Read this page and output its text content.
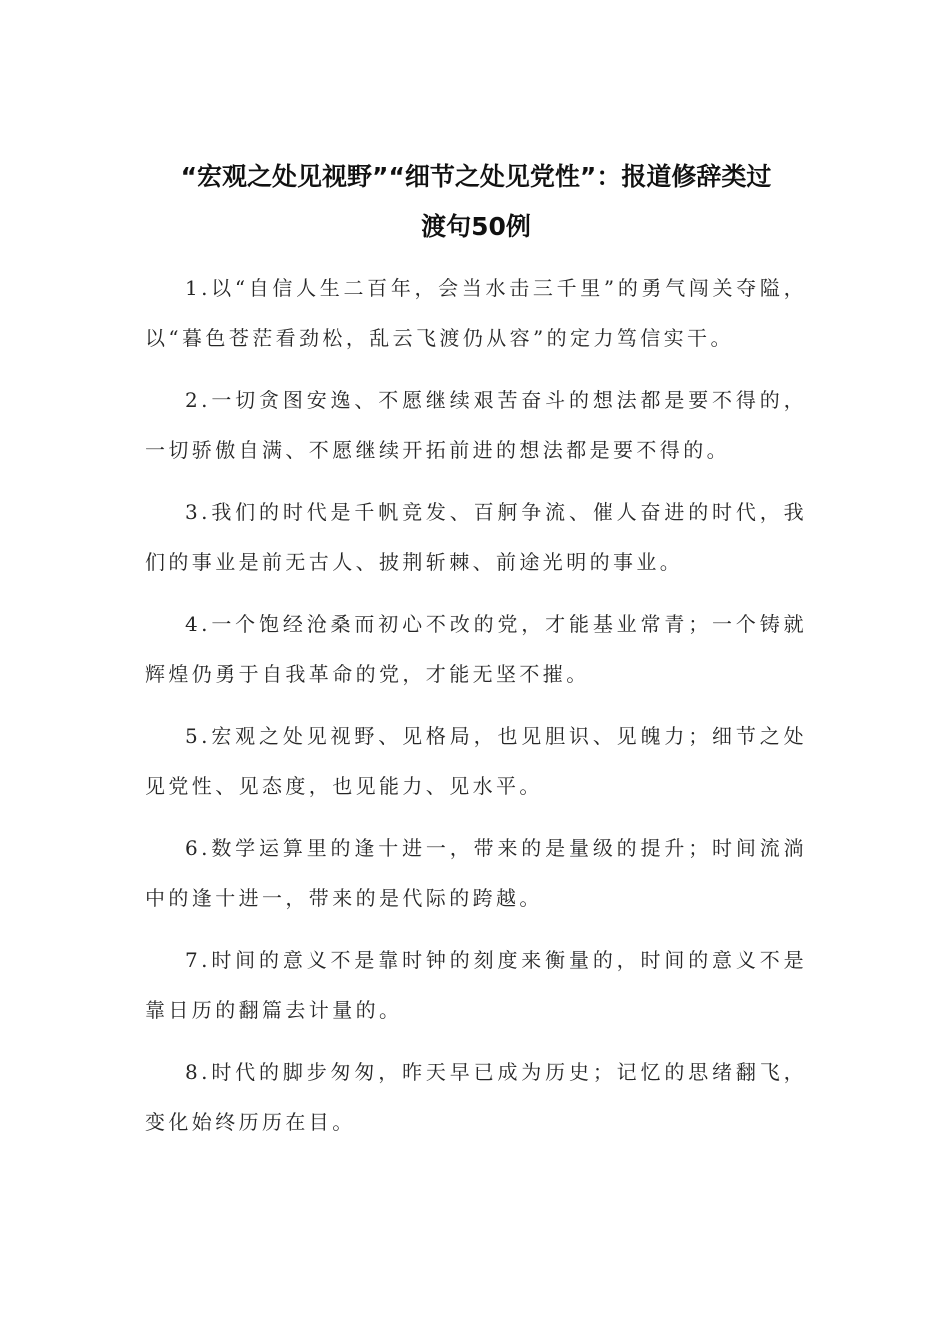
“宏观之处见视野”“细节之处见党性”：报道修辞类过
渡句50例
1.以“自信人生二百年，会当水击三千里”的勇气闯关夺隘，以“暮色苍茫看劲松，乱云飞渡仍从容”的定力笃信实干。
2.一切贪图安逸、不愿继续艰苦奋斗的想法都是要不得的，一切骄傲自满、不愿继续开拓前进的想法都是要不得的。
3.我们的时代是千帆竞发、百舸争流、催人奋进的时代，我们的事业是前无古人、披荆斩棘、前途光明的事业。
4.一个饱经沧桑而初心不改的党，才能基业常青；一个铸就辉煌仍勇于自我革命的党，才能无坚不摧。
5.宏观之处见视野、见格局，也见胆识、见魄力；细节之处见党性、见态度，也见能力、见水平。
6.数学运算里的逢十进一，带来的是量级的提升；时间流淌中的逢十进一，带来的是代际的跨越。
7.时间的意义不是靠时钟的刻度来衡量的，时间的意义不是靠日历的翻篇去计量的。
8.时代的脚步匆匆，昨天早已成为历史；记忆的思绪翻飞，变化始终历历在目。
